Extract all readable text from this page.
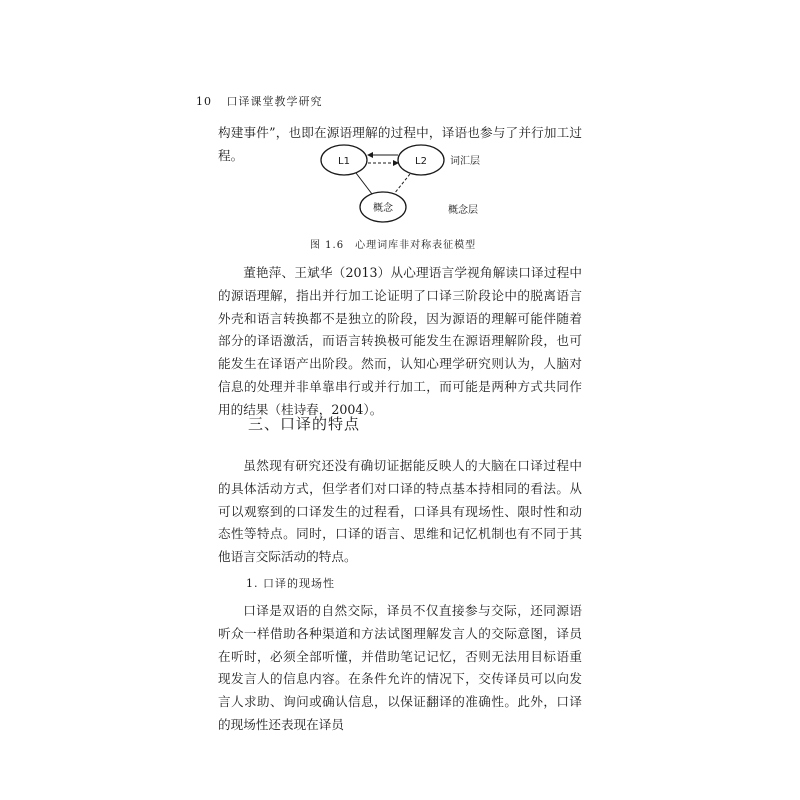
10 口译课堂教学研究

构建事件”，也即在源语理解的过程中，译语也参与了并行加工过程。	L1	L2
概念
词汇层
概念层
图 1.6　心理词库非对称表征模型

董艳萍、王斌华（2013）从心理语言学视角解读口译过程中的源语理解，指出并行加工论证明了口译三阶段论中的脱离语言外壳和语言转换都不是独立的阶段，因为源语的理解可能伴随着部分的译语激活，而语言转换极可能发生在源语理解阶段，也可能发生在译语产出阶段。然而，认知心理学研究则认为，人脑对信息的处理并非单靠串行或并行加工，而可能是两种方式共同作用的结果（桂诗春，2004）。

三、口译的特点

虽然现有研究还没有确切证据能反映人的大脑在口译过程中的具体活动方式，但学者们对口译的特点基本持相同的看法。从可以观察到的口译发生的过程看，口译具有现场性、限时性和动态性等特点。同时，口译的语言、思维和记忆机制也有不同于其他语言交际活动的特点。

1. 口译的现场性

口译是双语的自然交际，译员不仅直接参与交际，还同源语听众一样借助各种渠道和方法试图理解发言人的交际意图，译员在听时，必须全部听懂，并借助笔记记忆，否则无法用目标语重现发言人的信息内容。在条件允许的情况下，交传译员可以向发言人求助、询问或确认信息，以保证翻译的准确性。此外，口译的现场性还表现在译员
